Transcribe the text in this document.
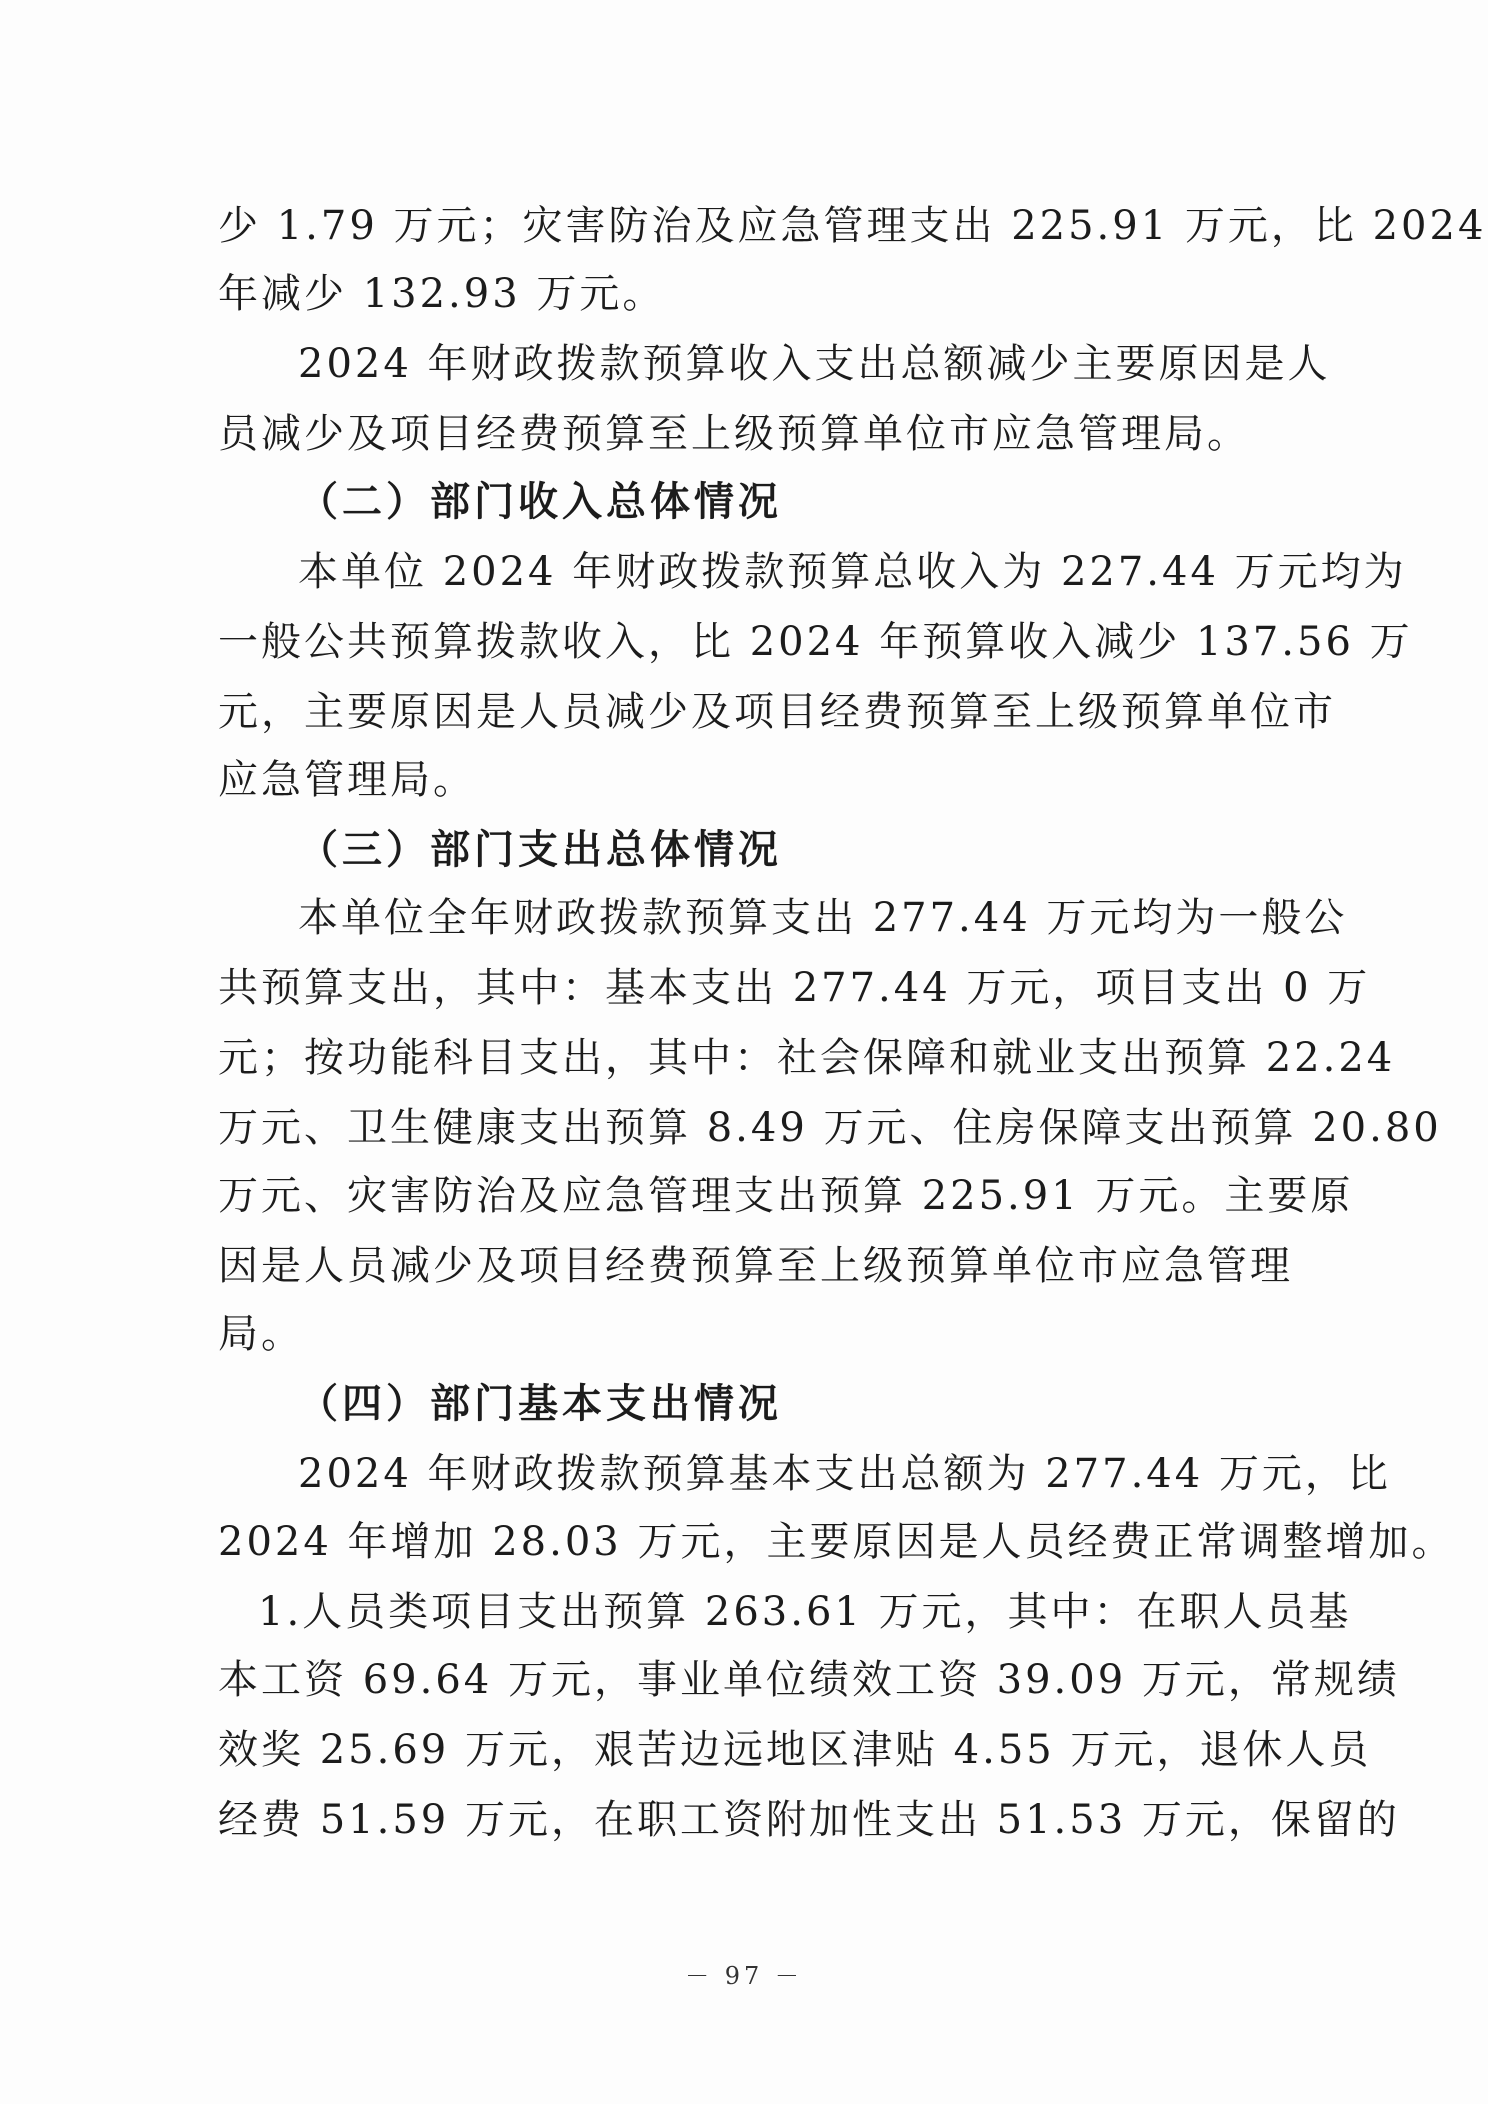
少 1.79 万元；灾害防治及应急管理支出 225.91 万元，比 2024
年减少 132.93 万元。
2024 年财政拨款预算收入支出总额减少主要原因是人
员减少及项目经费预算至上级预算单位市应急管理局。
（二）部门收入总体情况
本单位 2024 年财政拨款预算总收入为 227.44 万元均为
一般公共预算拨款收入，比 2024 年预算收入减少 137.56 万
元，主要原因是人员减少及项目经费预算至上级预算单位市
应急管理局。
（三）部门支出总体情况
本单位全年财政拨款预算支出 277.44 万元均为一般公
共预算支出，其中：基本支出 277.44 万元，项目支出 0 万
元；按功能科目支出，其中：社会保障和就业支出预算 22.24
万元、卫生健康支出预算 8.49 万元、住房保障支出预算 20.80
万元、灾害防治及应急管理支出预算 225.91 万元。主要原
因是人员减少及项目经费预算至上级预算单位市应急管理
局。
（四）部门基本支出情况
2024 年财政拨款预算基本支出总额为 277.44 万元，比
2024 年增加 28.03 万元，主要原因是人员经费正常调整增加。
1.人员类项目支出预算 263.61 万元，其中：在职人员基
本工资 69.64 万元，事业单位绩效工资 39.09 万元，常规绩
效奖 25.69 万元，艰苦边远地区津贴 4.55 万元，退休人员
经费 51.59 万元，在职工资附加性支出 51.53 万元，保留的
－ 97 －
